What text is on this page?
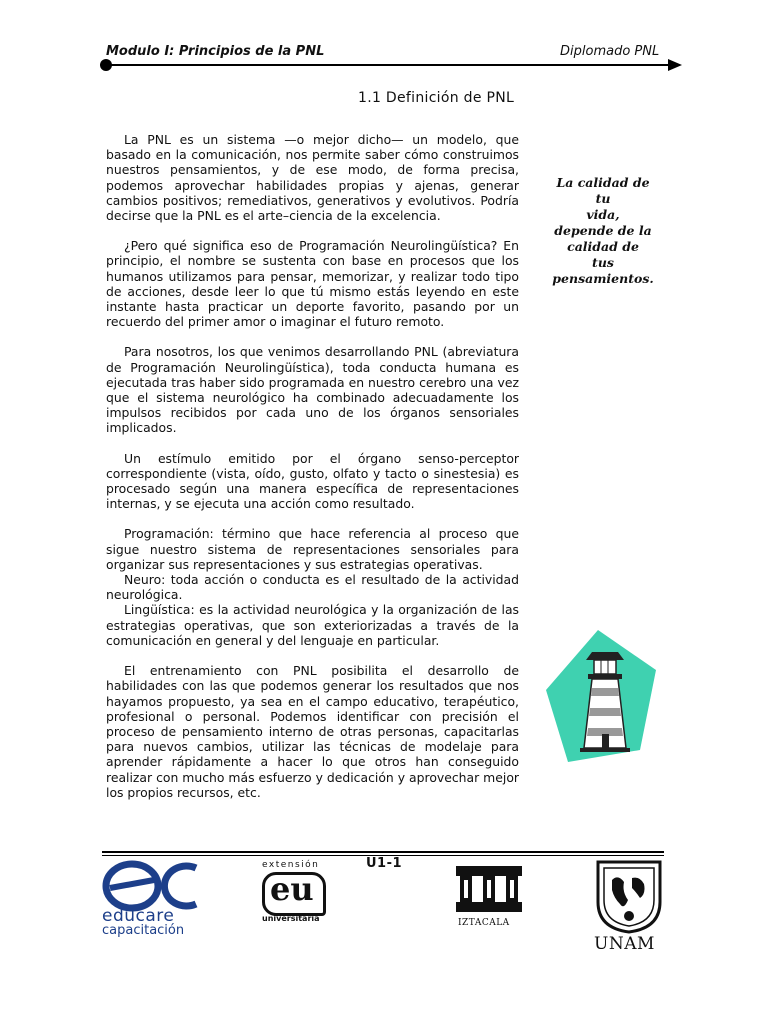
Modulo I: Principios de la PNL	Diplomado PNL
1.1 Definición de PNL

La PNL es un sistema —o mejor dicho— un modelo, que basado en la comunicación, nos permite saber cómo construimos nuestros pensamientos, y de ese modo, de forma precisa, podemos aprovechar habilidades propias y ajenas, generar cambios positivos; remediativos, generativos y evolutivos. Podría decirse que la PNL es el arte–ciencia de la excelencia.

¿Pero qué significa eso de Programación Neurolingüística? En principio, el nombre se sustenta con base en procesos que los humanos utilizamos para pensar, memorizar, y realizar todo tipo de acciones, desde leer lo que tú mismo estás leyendo en este instante hasta practicar un deporte favorito, pasando por un recuerdo del primer amor o imaginar el futuro remoto.

Para nosotros, los que venimos desarrollando PNL (abreviatura de Programación Neurolingüística), toda conducta humana es ejecutada tras haber sido programada en nuestro cerebro una vez que el sistema neurológico ha combinado adecuadamente los impulsos recibidos por cada uno de los órganos sensoriales implicados.

Un estímulo emitido por el órgano senso-perceptor correspondiente (vista, oído, gusto, olfato y tacto o sinestesia) es procesado según una manera específica de representaciones internas, y se ejecuta una acción como resultado.

Programación: término que hace referencia al proceso que sigue nuestro sistema de representaciones sensoriales para organizar sus representaciones y sus estrategias operativas.

Neuro: toda acción o conducta es el resultado de la actividad neurológica.

Lingüística: es la actividad neurológica y la organización de las estrategias operativas, que son exteriorizadas a través de la comunicación en general y del lenguaje en particular.

El entrenamiento con PNL posibilita el desarrollo de habilidades con las que podemos generar los resultados que nos hayamos propuesto, ya sea en el campo educativo, terapéutico, profesional o personal. Podemos identificar con precisión el proceso de pensamiento interno de otras personas, capacitarlas para nuevos cambios, utilizar las técnicas de modelaje para aprender rápidamente a hacer lo que otros han conseguido realizar con mucho más esfuerzo y dedicación y aprovechar mejor los propios recursos, etc.

La calidad de tu
vida,
depende de la
calidad de
tus pensamientos.
U1-1
educare
capacitación
extensión
eu
universitaria	IZTACALA
UNAM
